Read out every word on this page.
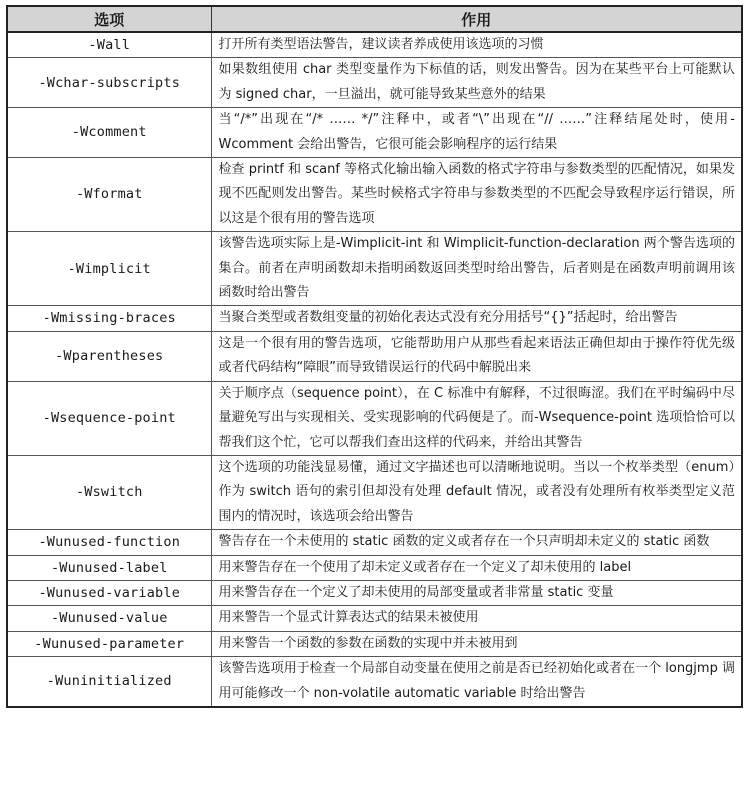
选项	作用
-Wall	打开所有类型语法警告，建议读者养成使用该选项的习惯
-Wchar-subscripts	如果数组使用 char 类型变量作为下标值的话，则发出警告。因为在某些平台上可能默认为 signed char，一旦溢出，就可能导致某些意外的结果
-Wcomment	当“/*”出现在“/* …… */”注释中，或者“\”出现在“// ……”注释结尾处时，使用-Wcomment 会给出警告，它很可能会影响程序的运行结果
-Wformat	检查 printf 和 scanf 等格式化输出输入函数的格式字符串与参数类型的匹配情况，如果发现不匹配则发出警告。某些时候格式字符串与参数类型的不匹配会导致程序运行错误，所以这是个很有用的警告选项
-Wimplicit	该警告选项实际上是-Wimplicit-int 和 Wimplicit-function-declaration 两个警告选项的集合。前者在声明函数却未指明函数返回类型时给出警告，后者则是在函数声明前调用该函数时给出警告
-Wmissing-braces	当聚合类型或者数组变量的初始化表达式没有充分用括号“{}”括起时，给出警告
-Wparentheses	这是一个很有用的警告选项，它能帮助用户从那些看起来语法正确但却由于操作符优先级或者代码结构“障眼”而导致错误运行的代码中解脱出来
-Wsequence-point	关于顺序点（sequence point），在 C 标准中有解释，不过很晦涩。我们在平时编码中尽量避免写出与实现相关、受实现影响的代码便是了。而-Wsequence-point 选项恰恰可以帮我们这个忙，它可以帮我们查出这样的代码来，并给出其警告
-Wswitch	这个选项的功能浅显易懂，通过文字描述也可以清晰地说明。当以一个枚举类型（enum）作为 switch 语句的索引但却没有处理 default 情况，或者没有处理所有枚举类型定义范围内的情况时，该选项会给出警告
-Wunused-function	警告存在一个未使用的 static 函数的定义或者存在一个只声明却未定义的 static 函数
-Wunused-label	用来警告存在一个使用了却未定义或者存在一个定义了却未使用的 label
-Wunused-variable	用来警告存在一个定义了却未使用的局部变量或者非常量 static 变量
-Wunused-value	用来警告一个显式计算表达式的结果未被使用
-Wunused-parameter	用来警告一个函数的参数在函数的实现中并未被用到
-Wuninitialized	该警告选项用于检查一个局部自动变量在使用之前是否已经初始化或者在一个 longjmp 调用可能修改一个 non-volatile automatic variable 时给出警告
